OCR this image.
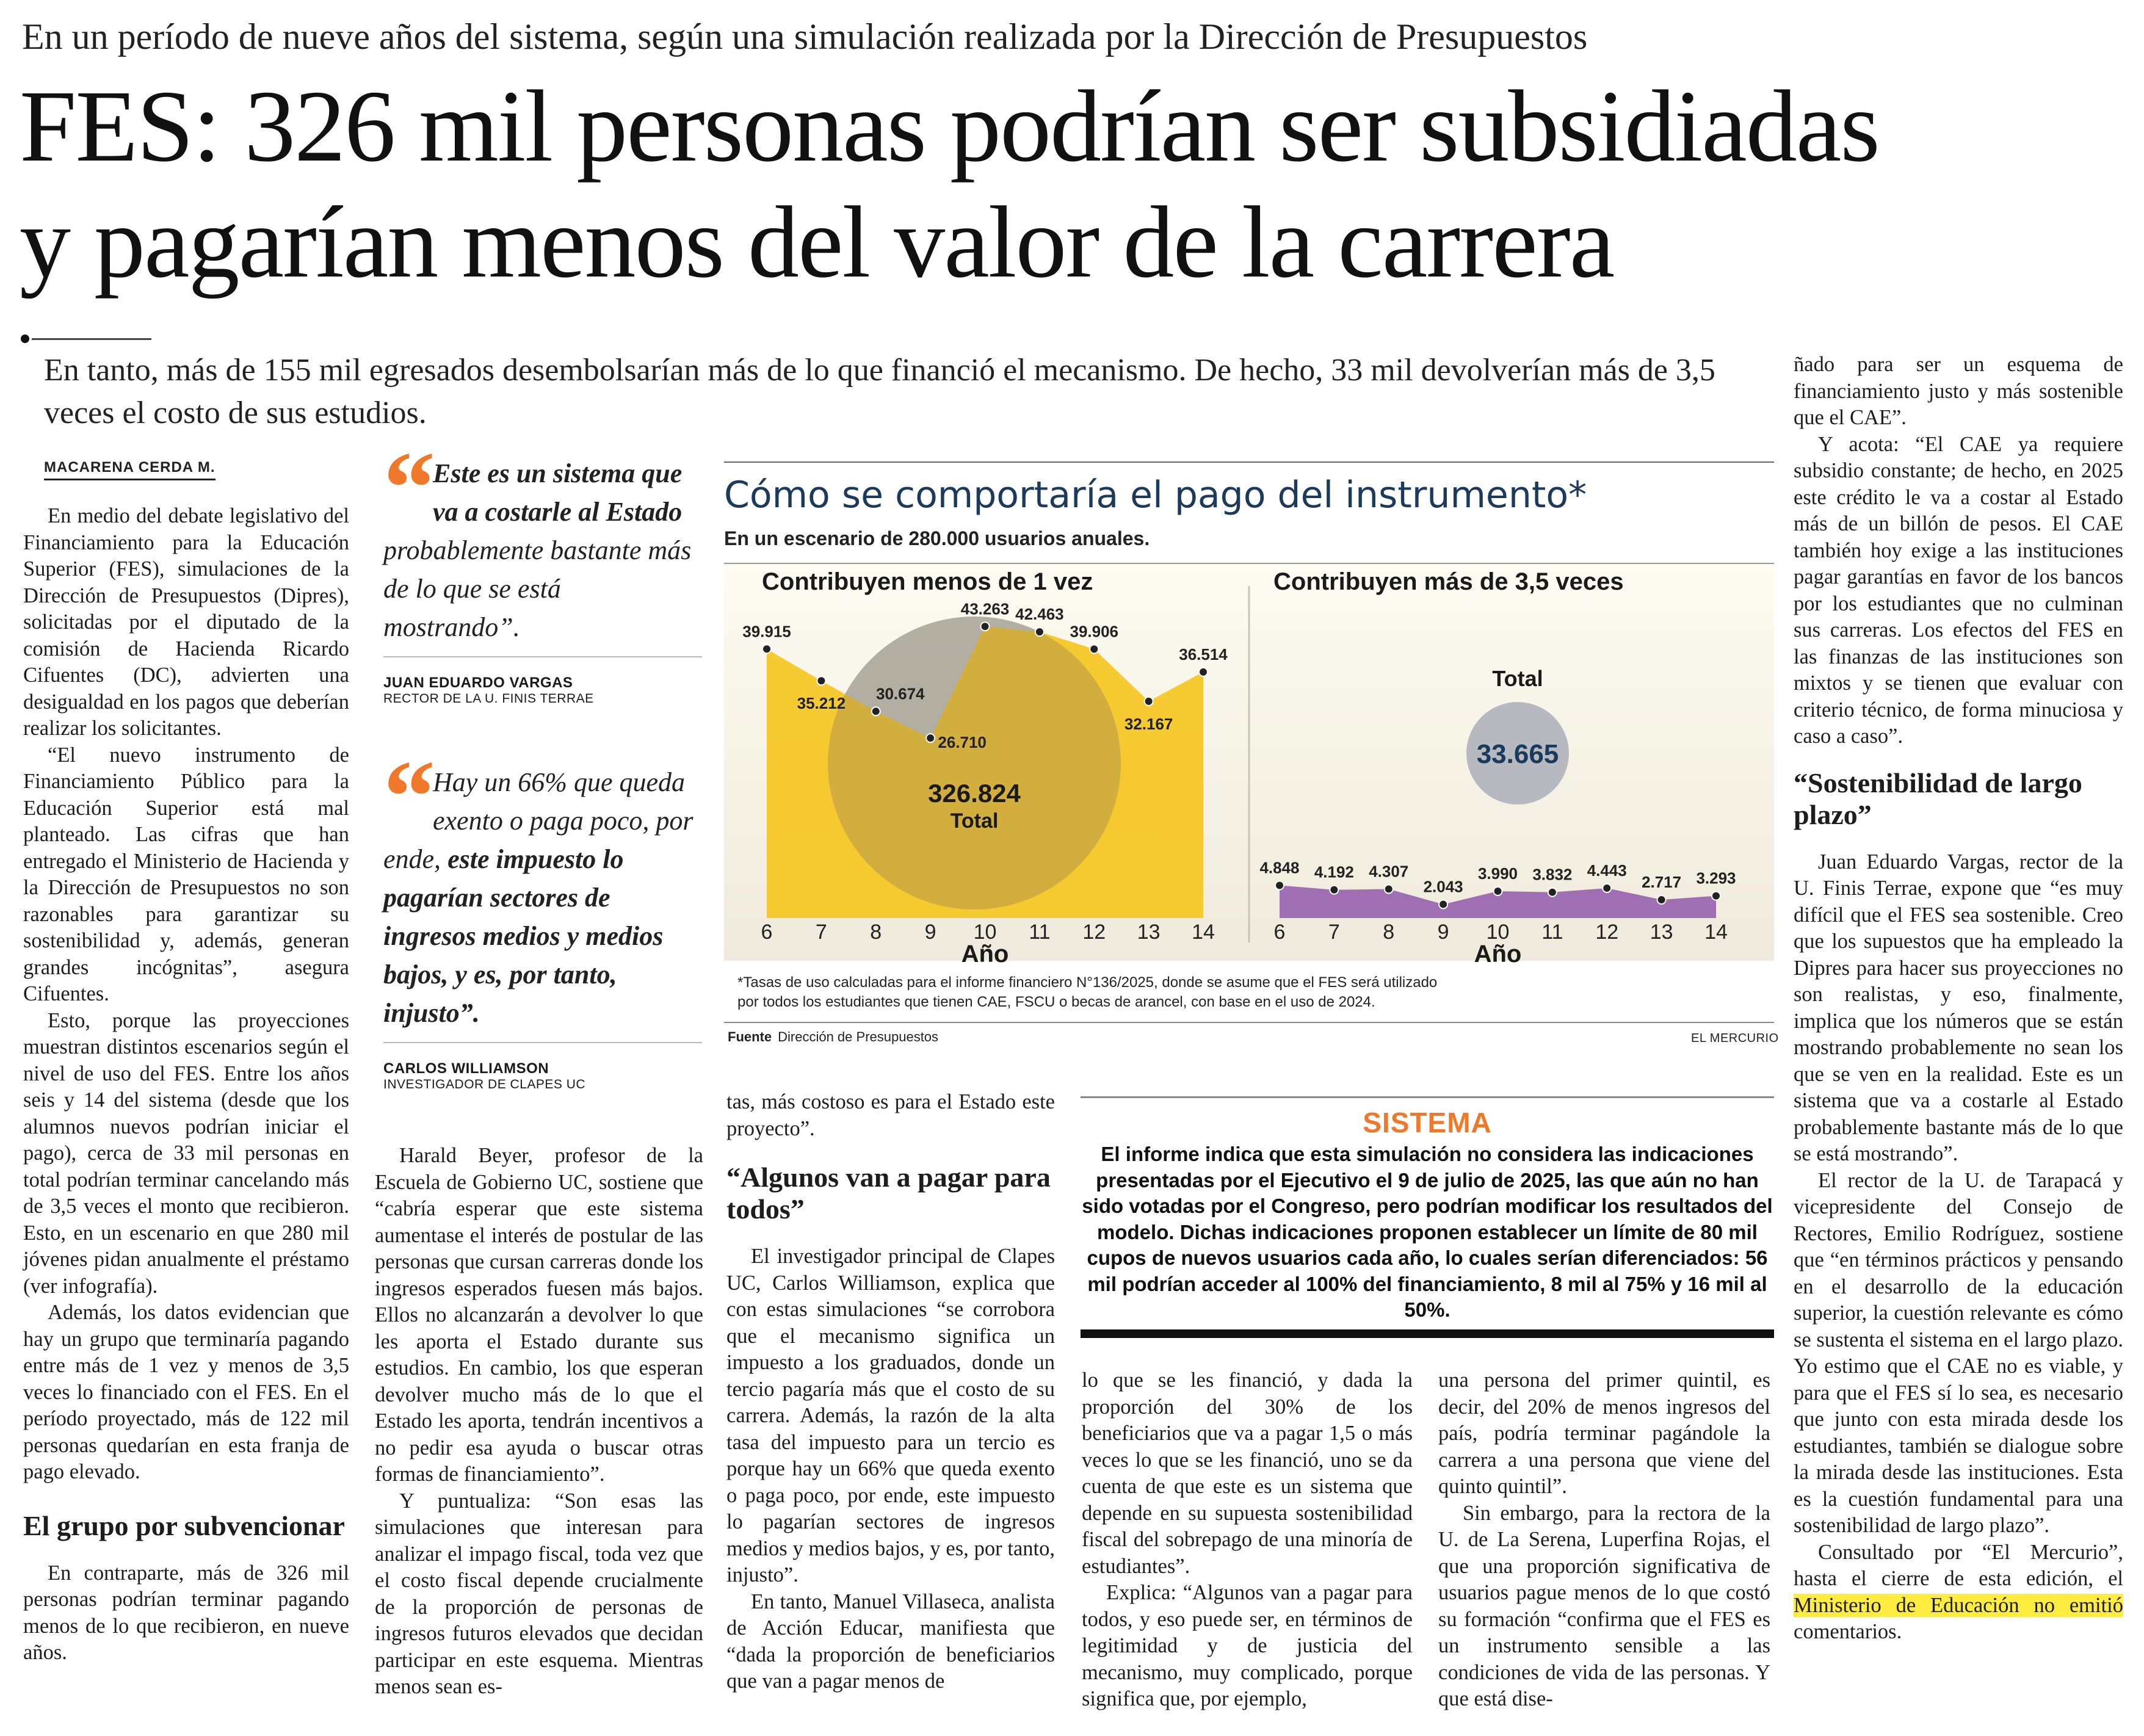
En un período de nueve años del sistema, según una simulación realizada por la Dirección de Presupuestos
FES: 326 mil personas podrían ser subsidiadas
y pagarían menos del valor de la carrera
En tanto, más de 155 mil egresados desembolsarían más de lo que financió el mecanismo. De hecho, 33 mil devolverían más de 3,5 veces el costo de sus estudios.
MACARENA CERDA M.

En medio del debate legislativo del Financiamiento para la Educación Superior (FES), simulaciones de la Dirección de Presupuestos (Dipres), solicitadas por el diputado de la comisión de Hacienda Ricardo Cifuentes (DC), advierten una desigualdad en los pagos que deberían realizar los solicitantes.

“El nuevo instrumento de Financiamiento Público para la Educación Superior está mal planteado. Las cifras que han entregado el Ministerio de Hacienda y la Dirección de Presupuestos no son razonables para garantizar su sostenibilidad y, además, generan grandes incógnitas”, asegura Cifuentes.

Esto, porque las proyecciones muestran distintos escenarios según el nivel de uso del FES. Entre los años seis y 14 del sistema (desde que los alumnos nuevos podrían iniciar el pago), cerca de 33 mil personas en total podrían terminar cancelando más de 3,5 veces el monto que recibieron. Esto, en un escenario en que 280 mil jóvenes pidan anualmente el préstamo (ver infografía).

Además, los datos evidencian que hay un grupo que terminaría pagando entre más de 1 vez y menos de 3,5 veces lo financiado con el FES. En el período proyectado, más de 122 mil personas quedarían en esta franja de pago elevado.

El grupo por subvencionar

En contraparte, más de 326 mil personas podrían terminar pagando menos de lo que recibieron, en nueve años.

“ Este es un sistema que va a costarle al Estado probablemente bastante más de lo que se está mostrando”.
JUAN EDUARDO VARGAS
RECTOR DE LA U. FINIS TERRAE
“ Hay un 66% que queda exento o paga poco, por ende, este impuesto lo pagarían sectores de ingresos medios y medios bajos, y es, por tanto, injusto”.
CARLOS WILLIAMSON
INVESTIGADOR DE CLAPES UC

Harald Beyer, profesor de la Escuela de Gobierno UC, sostiene que “cabría esperar que este sistema aumentase el interés de postular de las personas que cursan carreras donde los ingresos esperados fuesen más bajos. Ellos no alcanzarán a devolver lo que les aporta el Estado durante sus estudios. En cambio, los que esperan devolver mucho más de lo que el Estado les aporta, tendrán incentivos a no pedir esa ayuda o buscar otras formas de financiamiento”.

Y puntualiza: “Son esas las simulaciones que interesan para analizar el impago fiscal, toda vez que el costo fiscal depende crucialmente de la proporción de personas de ingresos futuros elevados que decidan participar en este esquema. Mientras menos sean es-

Cómo se comportaría el pago del instrumento*
En un escenario de 280.000 usuarios anuales.
Contribuyen menos de 1 vez
326.824
Total
39.915
6
35.212
7
30.674
8
26.710
9
43.263
10
42.463
11
39.906
12
32.167
13
36.514
14
Año
Contribuyen más de 3,5 veces
Total
33.665
4.848
6
4.192
7
4.307
8
2.043
9
3.990
10
3.832
11
4.443
12
2.717
13
3.293
14
Año
*Tasas de uso calculadas para el informe financiero N°136/2025, donde se asume que el FES será utilizado
por todos los estudiantes que tienen CAE, FSCU o becas de arancel, con base en el uso de 2024.
Fuente Dirección de Presupuestos	EL MERCURIO

tas, más costoso es para el Estado este proyecto”.

“Algunos van a pagar para todos”

El investigador principal de Clapes UC, Carlos Williamson, explica que con estas simulaciones “se corrobora que el mecanismo significa un impuesto a los graduados, donde un tercio pagaría más que el costo de su carrera. Además, la razón de la alta tasa del impuesto para un tercio es porque hay un 66% que queda exento o paga poco, por ende, este impuesto lo pagarían sectores de ingresos medios y medios bajos, y es, por tanto, injusto”.

En tanto, Manuel Villaseca, analista de Acción Educar, manifiesta que “dada la proporción de beneficiarios que van a pagar menos de

SISTEMA
El informe indica que esta simulación no considera las indicaciones presentadas por el Ejecutivo el 9 de julio de 2025, las que aún no han sido votadas por el Congreso, pero podrían modificar los resultados del modelo. Dichas indicaciones proponen establecer un límite de 80 mil cupos de nuevos usuarios cada año, lo cuales serían diferenciados: 56 mil podrían acceder al 100% del financiamiento, 8 mil al 75% y 16 mil al 50%.

lo que se les financió, y dada la proporción del 30% de los beneficiarios que va a pagar 1,5 o más veces lo que se les financió, uno se da cuenta de que este es un sistema que depende en su supuesta sostenibilidad fiscal del sobrepago de una minoría de estudiantes”.

Explica: “Algunos van a pagar para todos, y eso puede ser, en términos de legitimidad y de justicia del mecanismo, muy complicado, porque significa que, por ejemplo,

una persona del primer quintil, es decir, del 20% de menos ingresos del país, podría terminar pagándole la carrera a una persona que viene del quinto quintil”.

Sin embargo, para la rectora de la U. de La Serena, Luperfina Rojas, el que una proporción significativa de usuarios pague menos de lo que costó su formación “confirma que el FES es un instrumento sensible a las condiciones de vida de las personas. Y que está dise-

ñado para ser un esquema de financiamiento justo y más sostenible que el CAE”.

Y acota: “El CAE ya requiere subsidio constante; de hecho, en 2025 este crédito le va a costar al Estado más de un billón de pesos. El CAE también hoy exige a las instituciones pagar garantías en favor de los bancos por los estudiantes que no culminan sus carreras. Los efectos del FES en las finanzas de las instituciones son mixtos y se tienen que evaluar con criterio técnico, de forma minuciosa y caso a caso”.

“Sostenibilidad de largo plazo”

Juan Eduardo Vargas, rector de la U. Finis Terrae, expone que “es muy difícil que el FES sea sostenible. Creo que los supuestos que ha empleado la Dipres para hacer sus proyecciones no son realistas, y eso, finalmente, implica que los números que se están mostrando probablemente no sean los que se ven en la realidad. Este es un sistema que va a costarle al Estado probablemente bastante más de lo que se está mostrando”.

El rector de la U. de Tarapacá y vicepresidente del Consejo de Rectores, Emilio Rodríguez, sostiene que “en términos prácticos y pensando en el desarrollo de la educación superior, la cuestión relevante es cómo se sustenta el sistema en el largo plazo. Yo estimo que el CAE no es viable, y para que el FES sí lo sea, es necesario que junto con esta mirada desde los estudiantes, también se dialogue sobre la mirada desde las instituciones. Esta es la cuestión fundamental para una sostenibilidad de largo plazo”.

Consultado por “El Mercurio”, hasta el cierre de esta edición, el Ministerio de Educación no emitió comentarios.
